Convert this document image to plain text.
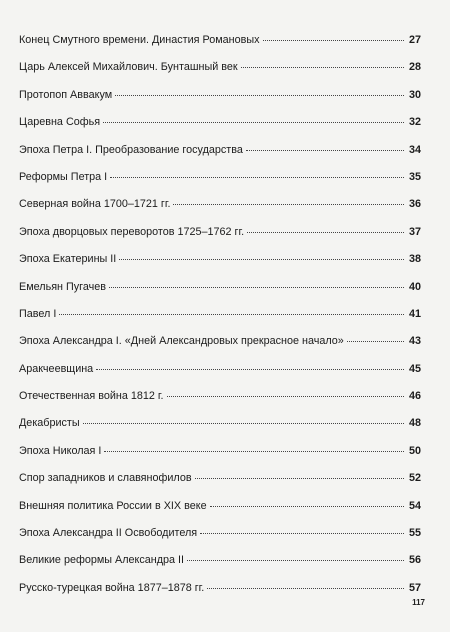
Конец Смутного времени. Династия Романовых	27
Царь Алексей Михайлович. Бунташный век	28
Протопоп Аввакум	30
Царевна Софья	32
Эпоха Петра I. Преобразование государства	34
Реформы Петра I	35
Северная война 1700–1721 гг.	36
Эпоха дворцовых переворотов 1725–1762 гг.	37
Эпоха Екатерины II	38
Емельян Пугачев	40
Павел I	41
Эпоха Александра I. «Дней Александровых прекрасное начало»	43
Аракчеевщина	45
Отечественная война 1812 г.	46
Декабристы	48
Эпоха Николая I	50
Спор западников и славянофилов	52
Внешняя политика России в XIX веке	54
Эпоха Александра II Освободителя	55
Великие реформы Александра II	56
Русско-турецкая война 1877–1878 гг.	57
117
